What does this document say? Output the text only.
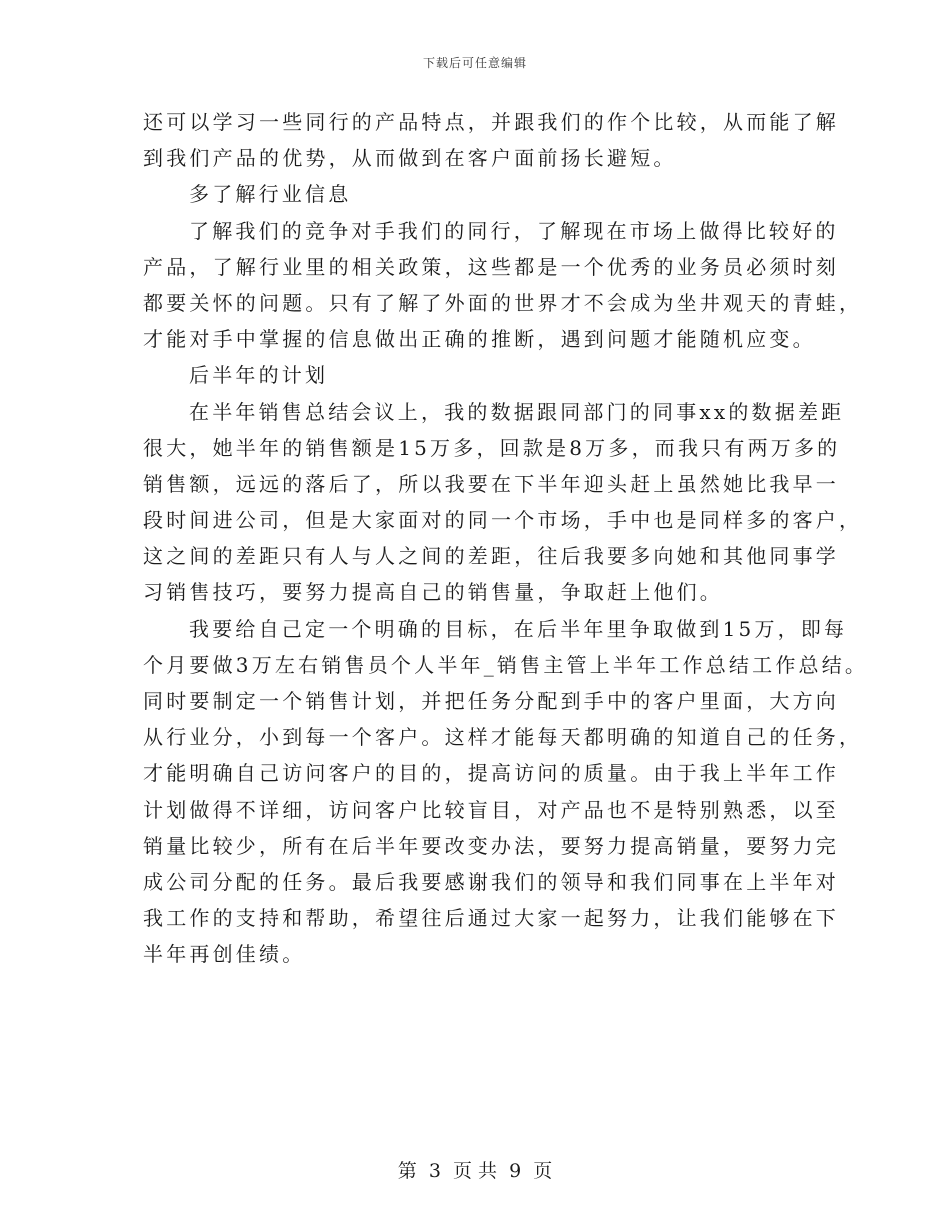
下载后可任意编辑
还可以学习一些同行的产品特点，并跟我们的作个比较，从而能了解
到我们产品的优势，从而做到在客户面前扬长避短。
多了解行业信息
了解我们的竞争对手我们的同行，了解现在市场上做得比较好的
产品，了解行业里的相关政策，这些都是一个优秀的业务员必须时刻
都要关怀的问题。只有了解了外面的世界才不会成为坐井观天的青蛙，
才能对手中掌握的信息做出正确的推断，遇到问题才能随机应变。
后半年的计划
在半年销售总结会议上，我的数据跟同部门的同事xx的数据差距
很大，她半年的销售额是15万多，回款是8万多，而我只有两万多的
销售额，远远的落后了，所以我要在下半年迎头赶上虽然她比我早一
段时间进公司，但是大家面对的同一个市场，手中也是同样多的客户，
这之间的差距只有人与人之间的差距，往后我要多向她和其他同事学
习销售技巧，要努力提高自己的销售量，争取赶上他们。
我要给自己定一个明确的目标，在后半年里争取做到15万，即每
个月要做3万左右销售员个人半年_销售主管上半年工作总结工作总结。
同时要制定一个销售计划，并把任务分配到手中的客户里面，大方向
从行业分，小到每一个客户。这样才能每天都明确的知道自己的任务，
才能明确自己访问客户的目的，提高访问的质量。由于我上半年工作
计划做得不详细，访问客户比较盲目，对产品也不是特别熟悉，以至
销量比较少，所有在后半年要改变办法，要努力提高销量，要努力完
成公司分配的任务。最后我要感谢我们的领导和我们同事在上半年对
我工作的支持和帮助，希望往后通过大家一起努力，让我们能够在下
半年再创佳绩。
第 3 页 共 9 页
